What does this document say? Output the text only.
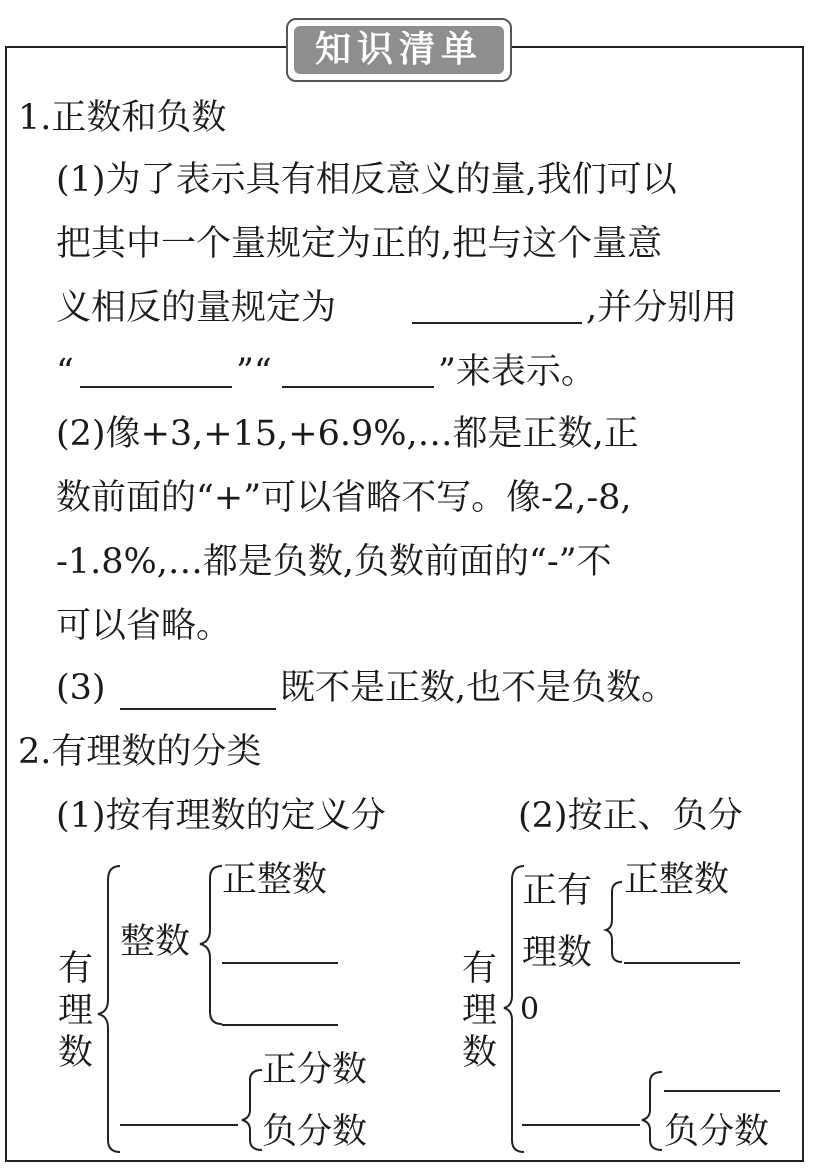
知识清单
1.正数和负数
(1)为了表示具有相反意义的量,我们可以
把其中一个量规定为正的,把与这个量意
义相反的量规定为	,并分别用
“	”“	”来表示。
(2)像+3,+15,+6.9%,…都是正数,正
数前面的“+”可以省略不写。像-2,-8,
-1.8%,…都是负数,负数前面的“-”不
可以省略。
(3)	既不是正数,也不是负数。
2.有理数的分类
(1)按有理数的定义分	(2)按正、负分
有理数
整数
正整数
正分数
负分数
有理数
正有理数
正整数
0
负分数
